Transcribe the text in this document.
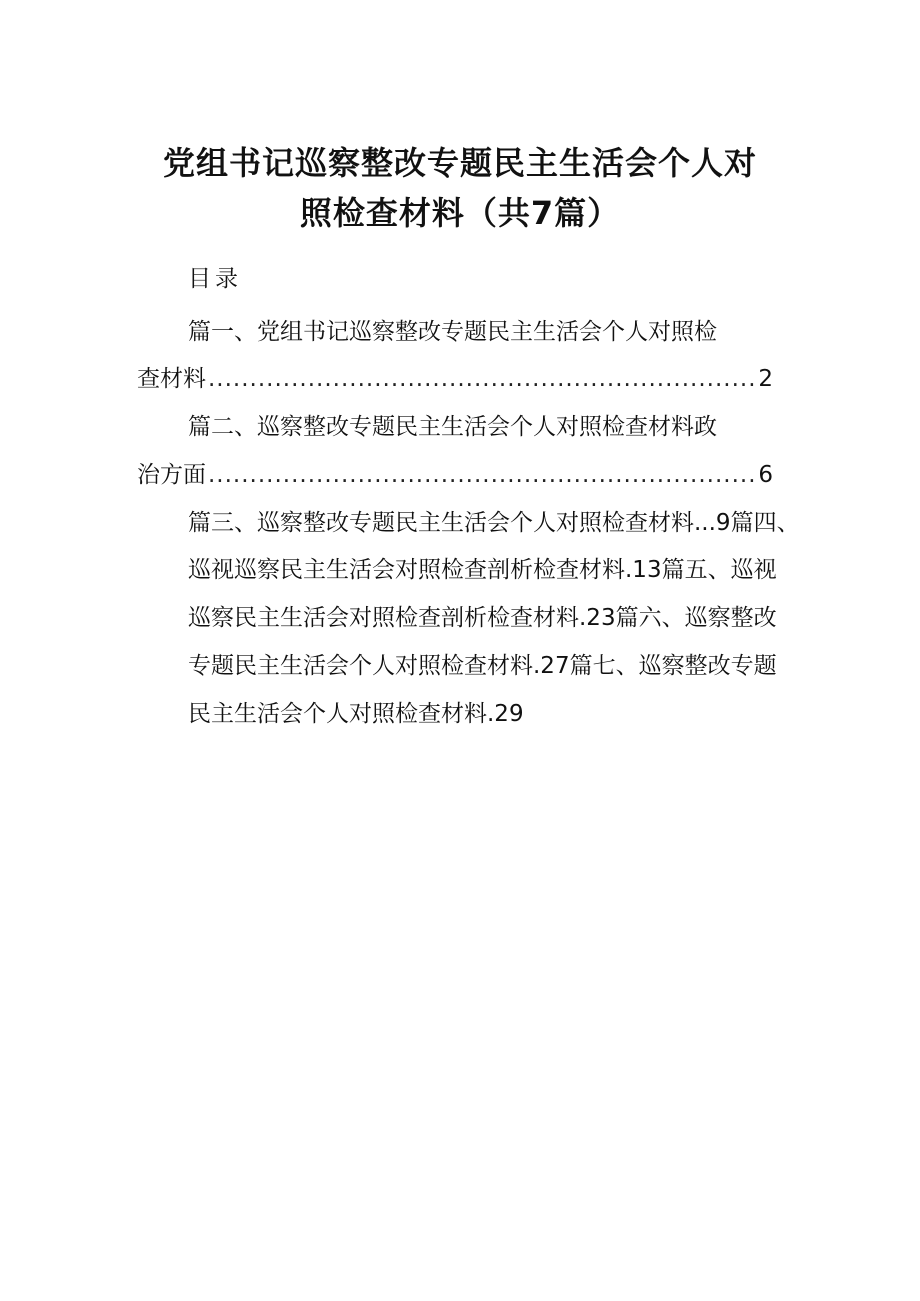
党组书记巡察整改专题民主生活会个人对
照检查材料（共7篇）
目录
篇一、党组书记巡察整改专题民主生活会个人对照检
查材料 .....	2
篇二、巡察整改专题民主生活会个人对照检查材料政
治方面 .....	6
篇三、巡察整改专题民主生活会个人对照检查材料...9篇四、
巡视巡察民主生活会对照检查剖析检查材料.13篇五、巡视
巡察民主生活会对照检查剖析检查材料.23篇六、巡察整改
专题民主生活会个人对照检查材料.27篇七、巡察整改专题
民主生活会个人对照检查材料.29
